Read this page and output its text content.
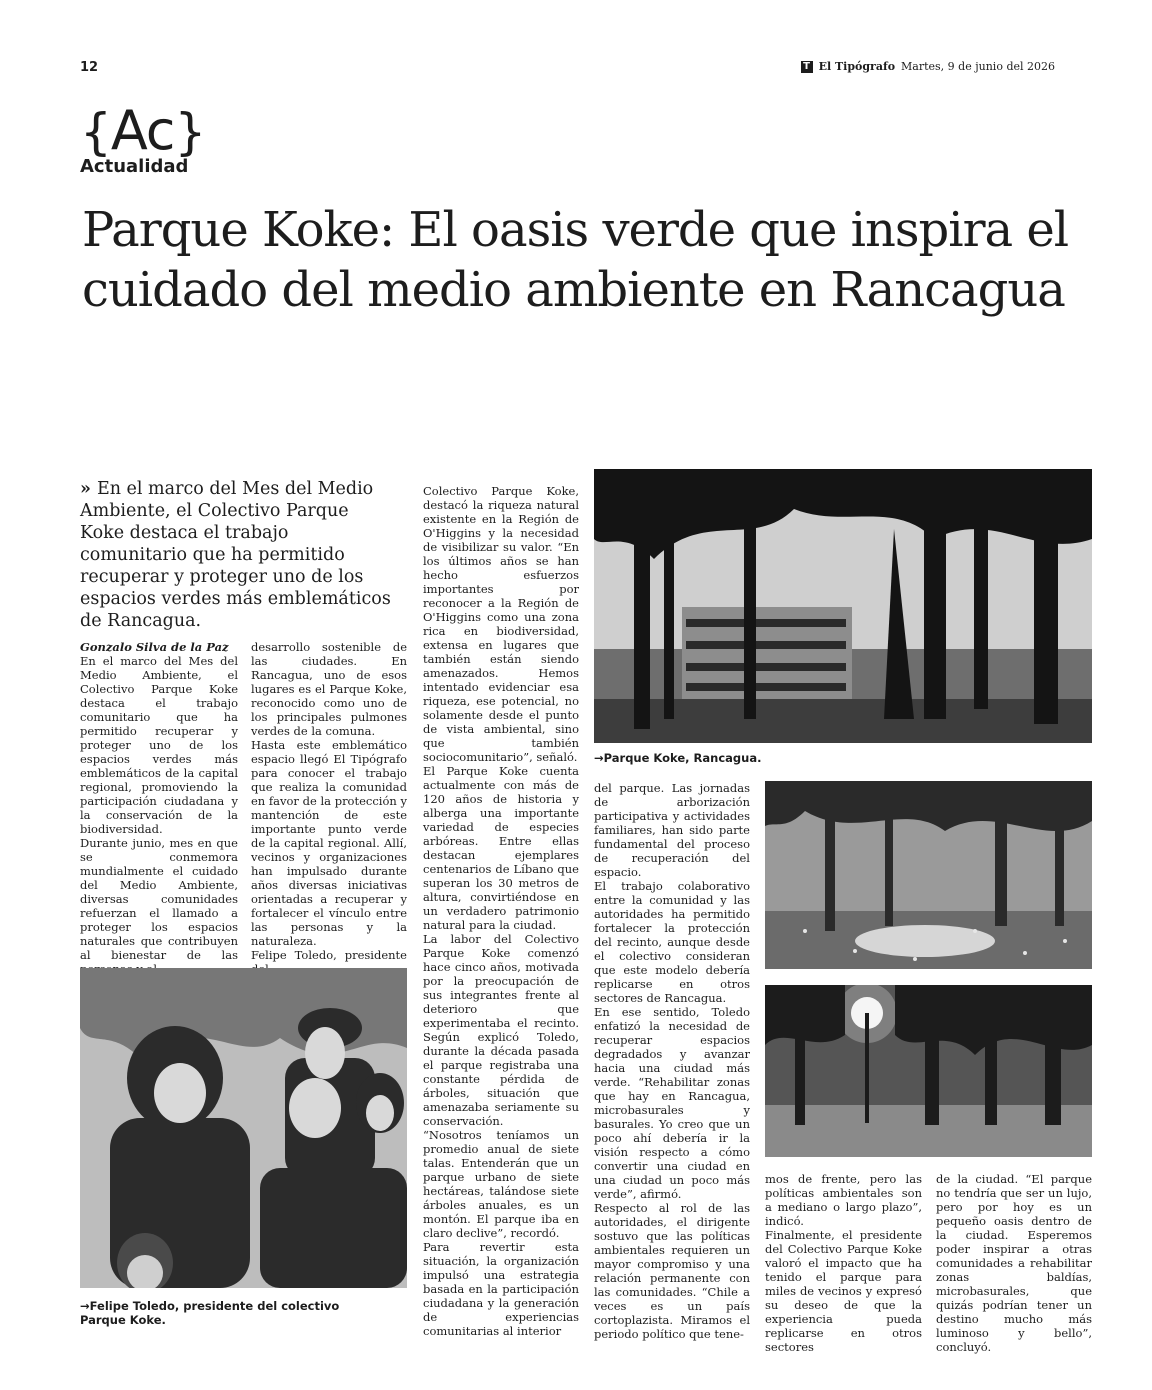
12	T El Tipógrafo Martes, 9 de junio del 2026
{Ac}
Actualidad
Parque Koke: El oasis verde que inspira el cuidado del medio ambiente en Rancagua
» En el marco del Mes del Medio Ambiente, el Colectivo Parque Koke destaca el trabajo comunitario que ha permitido recuperar y proteger uno de los espacios verdes más emblemáticos de Rancagua.

Gonzalo Silva de la Paz

En el marco del Mes del Medio Ambiente, el Colectivo Parque Koke destaca el trabajo comunitario que ha permitido recuperar y proteger uno de los espacios verdes más emblemáticos de la capital regional, promoviendo la participación ciudadana y la conservación de la biodiversidad.

Durante junio, mes en que se conmemora mundialmente el cuidado del Medio Ambiente, diversas comunidades refuerzan el llamado a proteger los espacios naturales que contribuyen al bienestar de las

desarrollo sostenible de las ciudades. En Rancagua, uno de esos lugares es el Parque Koke, reconocido como uno de los principales pulmones verdes de la comuna.

Hasta este emblemático espacio llegó El Tipógrafo para conocer el trabajo que realiza la comunidad en favor de la protección y mantención de este importante punto verde de la capital regional. Allí, vecinos y organizaciones han impulsado durante años diversas iniciativas orientadas a recuperar y fortalecer el vínculo entre las personas y la naturaleza.

Felipe Toledo, presidente

Colectivo Parque Koke, destacó la riqueza natural existente en la Región de O'Higgins y la necesidad de visibilizar su valor. “En los últimos años se han hecho esfuerzos importantes por reconocer a la Región de O'Higgins como una zona rica en biodiversidad, extensa en lugares que también están siendo amenazados. Hemos intentado evidenciar esa riqueza, ese potencial, no solamente desde el punto de vista ambiental, sino que también sociocomunitario”, señaló.

El Parque Koke cuenta actualmente con más de 120 años de historia y alberga una importante variedad de especies arbóreas. Entre ellas destacan ejemplares centenarios de Líbano que superan los 30 metros de altura, convirtiéndose en un verdadero patrimonio natural para la ciudad.

La labor del Colectivo Parque Koke comenzó hace cinco años, motivada por la preocupación de sus integrantes frente al deterioro que experimentaba el recinto. Según explicó Toledo, durante la década pasada el parque registraba una constante pérdida de árboles, situación que amenazaba seriamente su conservación.

“Nosotros teníamos un promedio anual de siete talas. Entenderán que un parque urbano de siete hectáreas, talándose siete árboles anuales, es un montón. El parque iba en claro declive”, recordó.

Para revertir esta situación, la organización impulsó una estrategia basada en la participación ciudadana y la generación de experiencias comunitarias al interior

del parque. Las jornadas de arborización participativa y actividades familiares, han sido parte fundamental del proceso de recuperación del espacio.

El trabajo colaborativo entre la comunidad y las autoridades ha permitido fortalecer la protección del recinto, aunque desde el colectivo consideran que este modelo debería replicarse en otros sectores de Rancagua.

En ese sentido, Toledo enfatizó la necesidad de recuperar espacios degradados y avanzar hacia una ciudad más verde. “Rehabilitar zonas que hay en Rancagua, microbasurales y basurales. Yo creo que un poco ahí debería ir la visión respecto a cómo convertir una ciudad en una ciudad un poco más verde”, afirmó.

Respecto al rol de las autoridades, el dirigente sostuvo que las políticas ambientales requieren un mayor compromiso y una relación permanente con las comunidades. “Chile a veces es un país cortoplazista. Miramos el periodo político que tene-

mos de frente, pero las políticas ambientales son a mediano o largo plazo”, indicó.

Finalmente, el presidente del Colectivo Parque Koke valoró el impacto que ha tenido el parque para miles de vecinos y expresó su deseo de que la experiencia pueda replicarse en otros sectores

de la ciudad. “El parque no tendría que ser un lujo, pero por hoy es un pequeño oasis dentro de la ciudad. Esperemos poder inspirar a otras comunidades a rehabilitar zonas baldías, microbasurales, que quizás podrían tener un destino mucho más luminoso y bello”, concluyó.

→Parque Koke, Rancagua.
→Felipe Toledo, presidente del colectivo Parque Koke.
